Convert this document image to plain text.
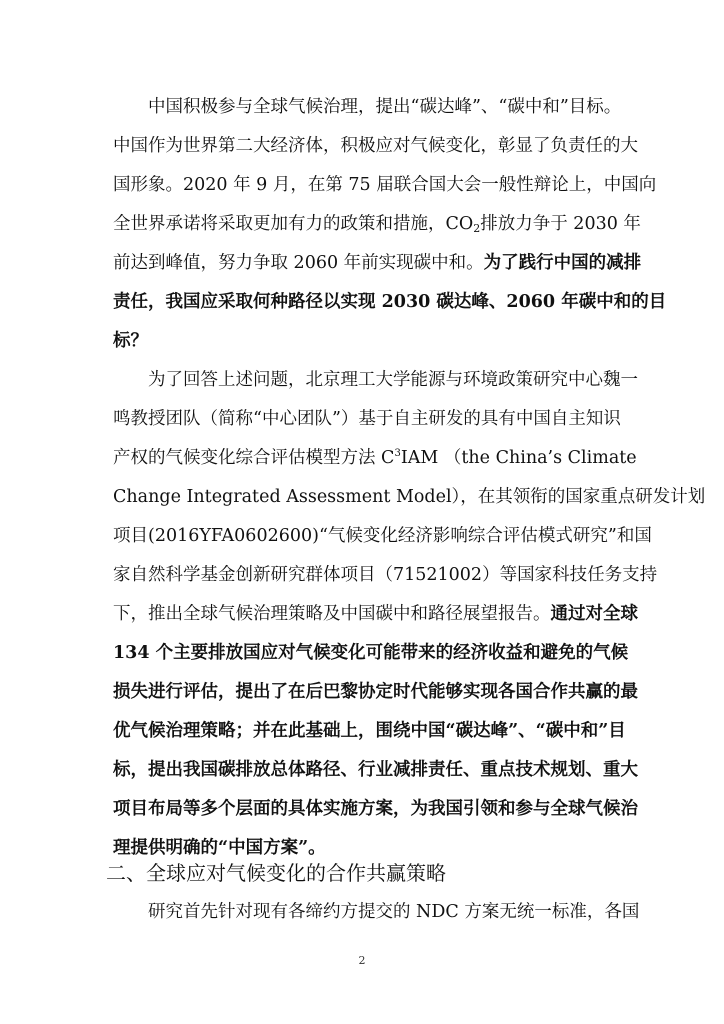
中国积极参与全球气候治理，提出“碳达峰”、“碳中和”目标。
中国作为世界第二大经济体，积极应对气候变化，彰显了负责任的大
国形象。2020 年 9 月，在第 75 届联合国大会一般性辩论上，中国向
全世界承诺将采取更加有力的政策和措施，$CO_2$排放力争于 2030 年
前达到峰值，努力争取 2060 年前实现碳中和。为了践行中国的减排
责任，我国应采取何种路径以实现 2030 碳达峰、2060 年碳中和的目
标？
为了回答上述问题，北京理工大学能源与环境政策研究中心魏一
鸣教授团队（简称“中心团队”）基于自主研发的具有中国自主知识
产权的气候变化综合评估模型方法 $C^3IAM$ （the China’s Climate
Change Integrated Assessment Model），在其领衔的国家重点研发计划
项目(2016YFA0602600)“气候变化经济影响综合评估模式研究”和国
家自然科学基金创新研究群体项目（71521002）等国家科技任务支持
下，推出全球气候治理策略及中国碳中和路径展望报告。通过对全球
134 个主要排放国应对气候变化可能带来的经济收益和避免的气候
损失进行评估，提出了在后巴黎协定时代能够实现各国合作共赢的最
优气候治理策略；并在此基础上，围绕中国“碳达峰”、“碳中和”目
标，提出我国碳排放总体路径、行业减排责任、重点技术规划、重大
项目布局等多个层面的具体实施方案，为我国引领和参与全球气候治
理提供明确的“中国方案”。
二、全球应对气候变化的合作共赢策略
研究首先针对现有各缔约方提交的 NDC 方案无统一标准，各国
2
